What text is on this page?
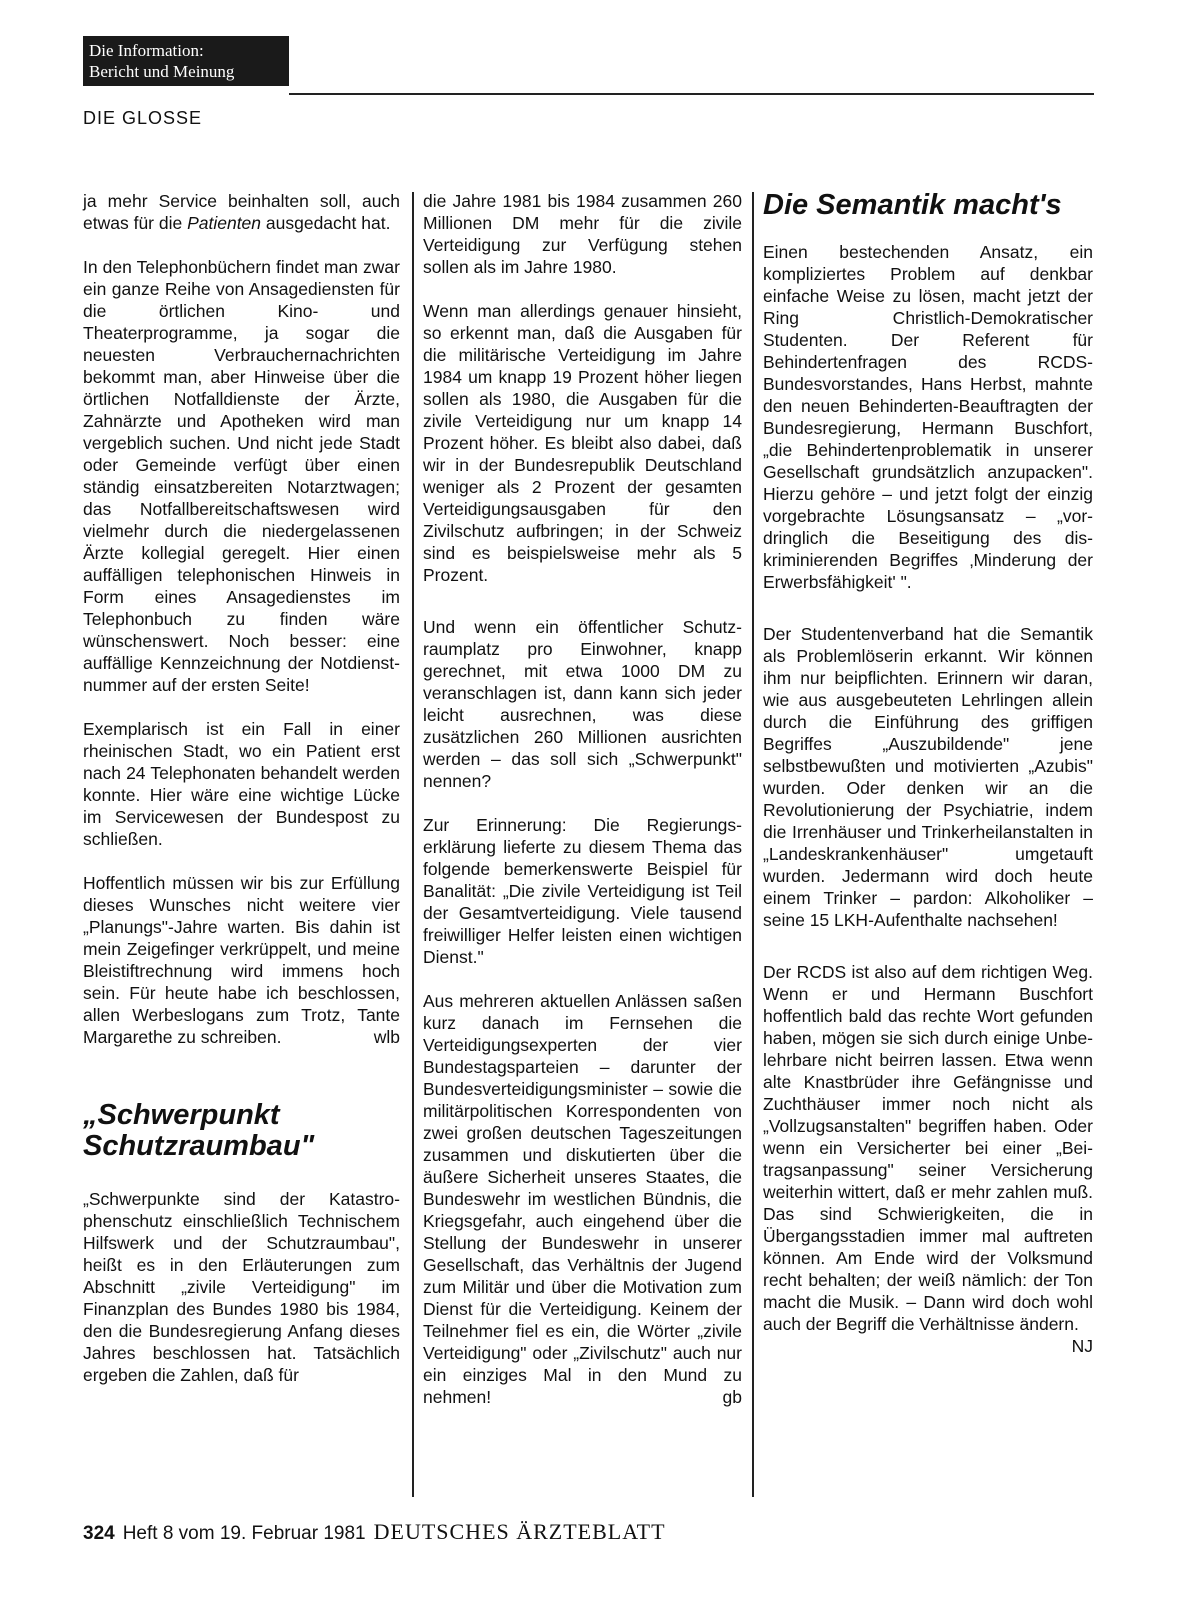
Die Information:
Bericht und Meinung
DIE GLOSSE

ja mehr Service beinhalten soll, auch etwas für die Patienten ausgedacht hat.

In den Telephonbüchern findet man zwar ein ganze Reihe von Ansagediensten für die örtlichen Kino- und Theaterprogramme, ja sogar die neuesten Verbrauchernachrichten bekommt man, aber Hinweise über die örtlichen Notfalldienste der Ärzte, Zahnärzte und Apotheken wird man vergeblich suchen. Und nicht jede Stadt oder Gemeinde verfügt über einen ständig einsatzbereiten Notarztwagen; das Notfallbereitschaftswesen wird vielmehr durch die niedergelassenen Ärzte kollegial geregelt. Hier einen auffälligen telephonischen Hinweis in Form eines Ansagedienstes im Telephonbuch zu finden wäre wünschenswert. Noch besser: eine auffällige Kennzeichnung der Notdienstnummer auf der ersten Seite!

Exemplarisch ist ein Fall in einer rheinischen Stadt, wo ein Patient erst nach 24 Telephonaten behandelt werden konnte. Hier wäre eine wichtige Lücke im Servicewesen der Bundespost zu schließen.

Hoffentlich müssen wir bis zur Erfüllung dieses Wunsches nicht weitere vier „Planungs"-Jahre warten. Bis dahin ist mein Zeigefinger verkrüppelt, und meine Bleistiftrechnung wird immens hoch sein. Für heute habe ich beschlossen, allen Werbeslogans zum Trotz, Tante Margarethe zu schreiben.	wlb

„Schwerpunkt Schutzraumbau"

„Schwerpunkte sind der Katastrophenschutz einschließlich Technischem Hilfswerk und der Schutzraumbau", heißt es in den Erläuterungen zum Abschnitt „zivile Verteidigung" im Finanzplan des Bundes 1980 bis 1984, den die Bundesregierung Anfang dieses Jahres beschlossen hat. Tatsächlich ergeben die Zahlen, daß für

die Jahre 1981 bis 1984 zusammen 260 Millionen DM mehr für die zivile Verteidigung zur Verfügung stehen sollen als im Jahre 1980.

Wenn man allerdings genauer hinsieht, so erkennt man, daß die Ausgaben für die militärische Verteidigung im Jahre 1984 um knapp 19 Prozent höher liegen sollen als 1980, die Ausgaben für die zivile Verteidigung nur um knapp 14 Prozent höher. Es bleibt also dabei, daß wir in der Bundesrepublik Deutschland weniger als 2 Prozent der gesamten Verteidigungsausgaben für den Zivilschutz aufbringen; in der Schweiz sind es beispielsweise mehr als 5 Prozent.

Und wenn ein öffentlicher Schutzraumplatz pro Einwohner, knapp gerechnet, mit etwa 1000 DM zu veranschlagen ist, dann kann sich jeder leicht ausrechnen, was diese zusätzlichen 260 Millionen ausrichten werden – das soll sich „Schwerpunkt" nennen?

Zur Erinnerung: Die Regierungserklärung lieferte zu diesem Thema das folgende bemerkenswerte Beispiel für Banalität: „Die zivile Verteidigung ist Teil der Gesamtverteidigung. Viele tausend freiwilliger Helfer leisten einen wichtigen Dienst."

Aus mehreren aktuellen Anlässen saßen kurz danach im Fernsehen die Verteidigungsexperten der vier Bundestagsparteien – darunter der Bundesverteidigungsminister – sowie die militärpolitischen Korrespondenten von zwei großen deutschen Tageszeitungen zusammen und diskutierten über die äußere Sicherheit unseres Staates, die Bundeswehr im westlichen Bündnis, die Kriegsgefahr, auch eingehend über die Stellung der Bundeswehr in unserer Gesellschaft, das Verhältnis der Jugend zum Militär und über die Motivation zum Dienst für die Verteidigung. Keinem der Teilnehmer fiel es ein, die Wörter „zivile Verteidigung" oder „Zivilschutz" auch nur ein einziges Mal in den Mund zu nehmen!	gb

Die Semantik macht's

Einen bestechenden Ansatz, ein kompliziertes Problem auf denkbar einfache Weise zu lösen, macht jetzt der Ring Christlich-Demokratischer Studenten. Der Referent für Behindertenfragen des RCDS-Bundesvorstandes, Hans Herbst, mahnte den neuen Behinderten-Beauftragten der Bundesregierung, Hermann Buschfort, „die Behindertenproblematik in unserer Gesellschaft grundsätzlich anzupacken". Hierzu gehöre – und jetzt folgt der einzig vorgebrachte Lösungsansatz – „vordringlich die Beseitigung des diskriminierenden Begriffes ‚Minderung der Erwerbsfähigkeit' ".

Der Studentenverband hat die Semantik als Problemlöserin erkannt. Wir können ihm nur beipflichten. Erinnern wir daran, wie aus ausgebeuteten Lehrlingen allein durch die Einführung des griffigen Begriffes „Auszubildende" jene selbstbewußten und motivierten „Azubis" wurden. Oder denken wir an die Revolutionierung der Psychiatrie, indem die Irrenhäuser und Trinkerheilanstalten in „Landeskrankenhäuser" umgetauft wurden. Jedermann wird doch heute einem Trinker – pardon: Alkoholiker – seine 15 LKH-Aufenthalte nachsehen!

Der RCDS ist also auf dem richtigen Weg. Wenn er und Hermann Buschfort hoffentlich bald das rechte Wort gefunden haben, mögen sie sich durch einige Unbelehrbare nicht beirren lassen. Etwa wenn alte Knastbrüder ihre Gefängnisse und Zuchthäuser immer noch nicht als „Vollzugsanstalten" begriffen haben. Oder wenn ein Versicherter bei einer „Beitragsanpassung" seiner Versicherung weiterhin wittert, daß er mehr zahlen muß. Das sind Schwierigkeiten, die in Übergangsstadien immer mal auftreten können. Am Ende wird der Volksmund recht behalten; der weiß nämlich: der Ton macht die Musik. – Dann wird doch wohl auch der Begriff die Verhältnisse ändern.
NJ

324 Heft 8 vom 19. Februar 1981 DEUTSCHES ÄRZTEBLATT
